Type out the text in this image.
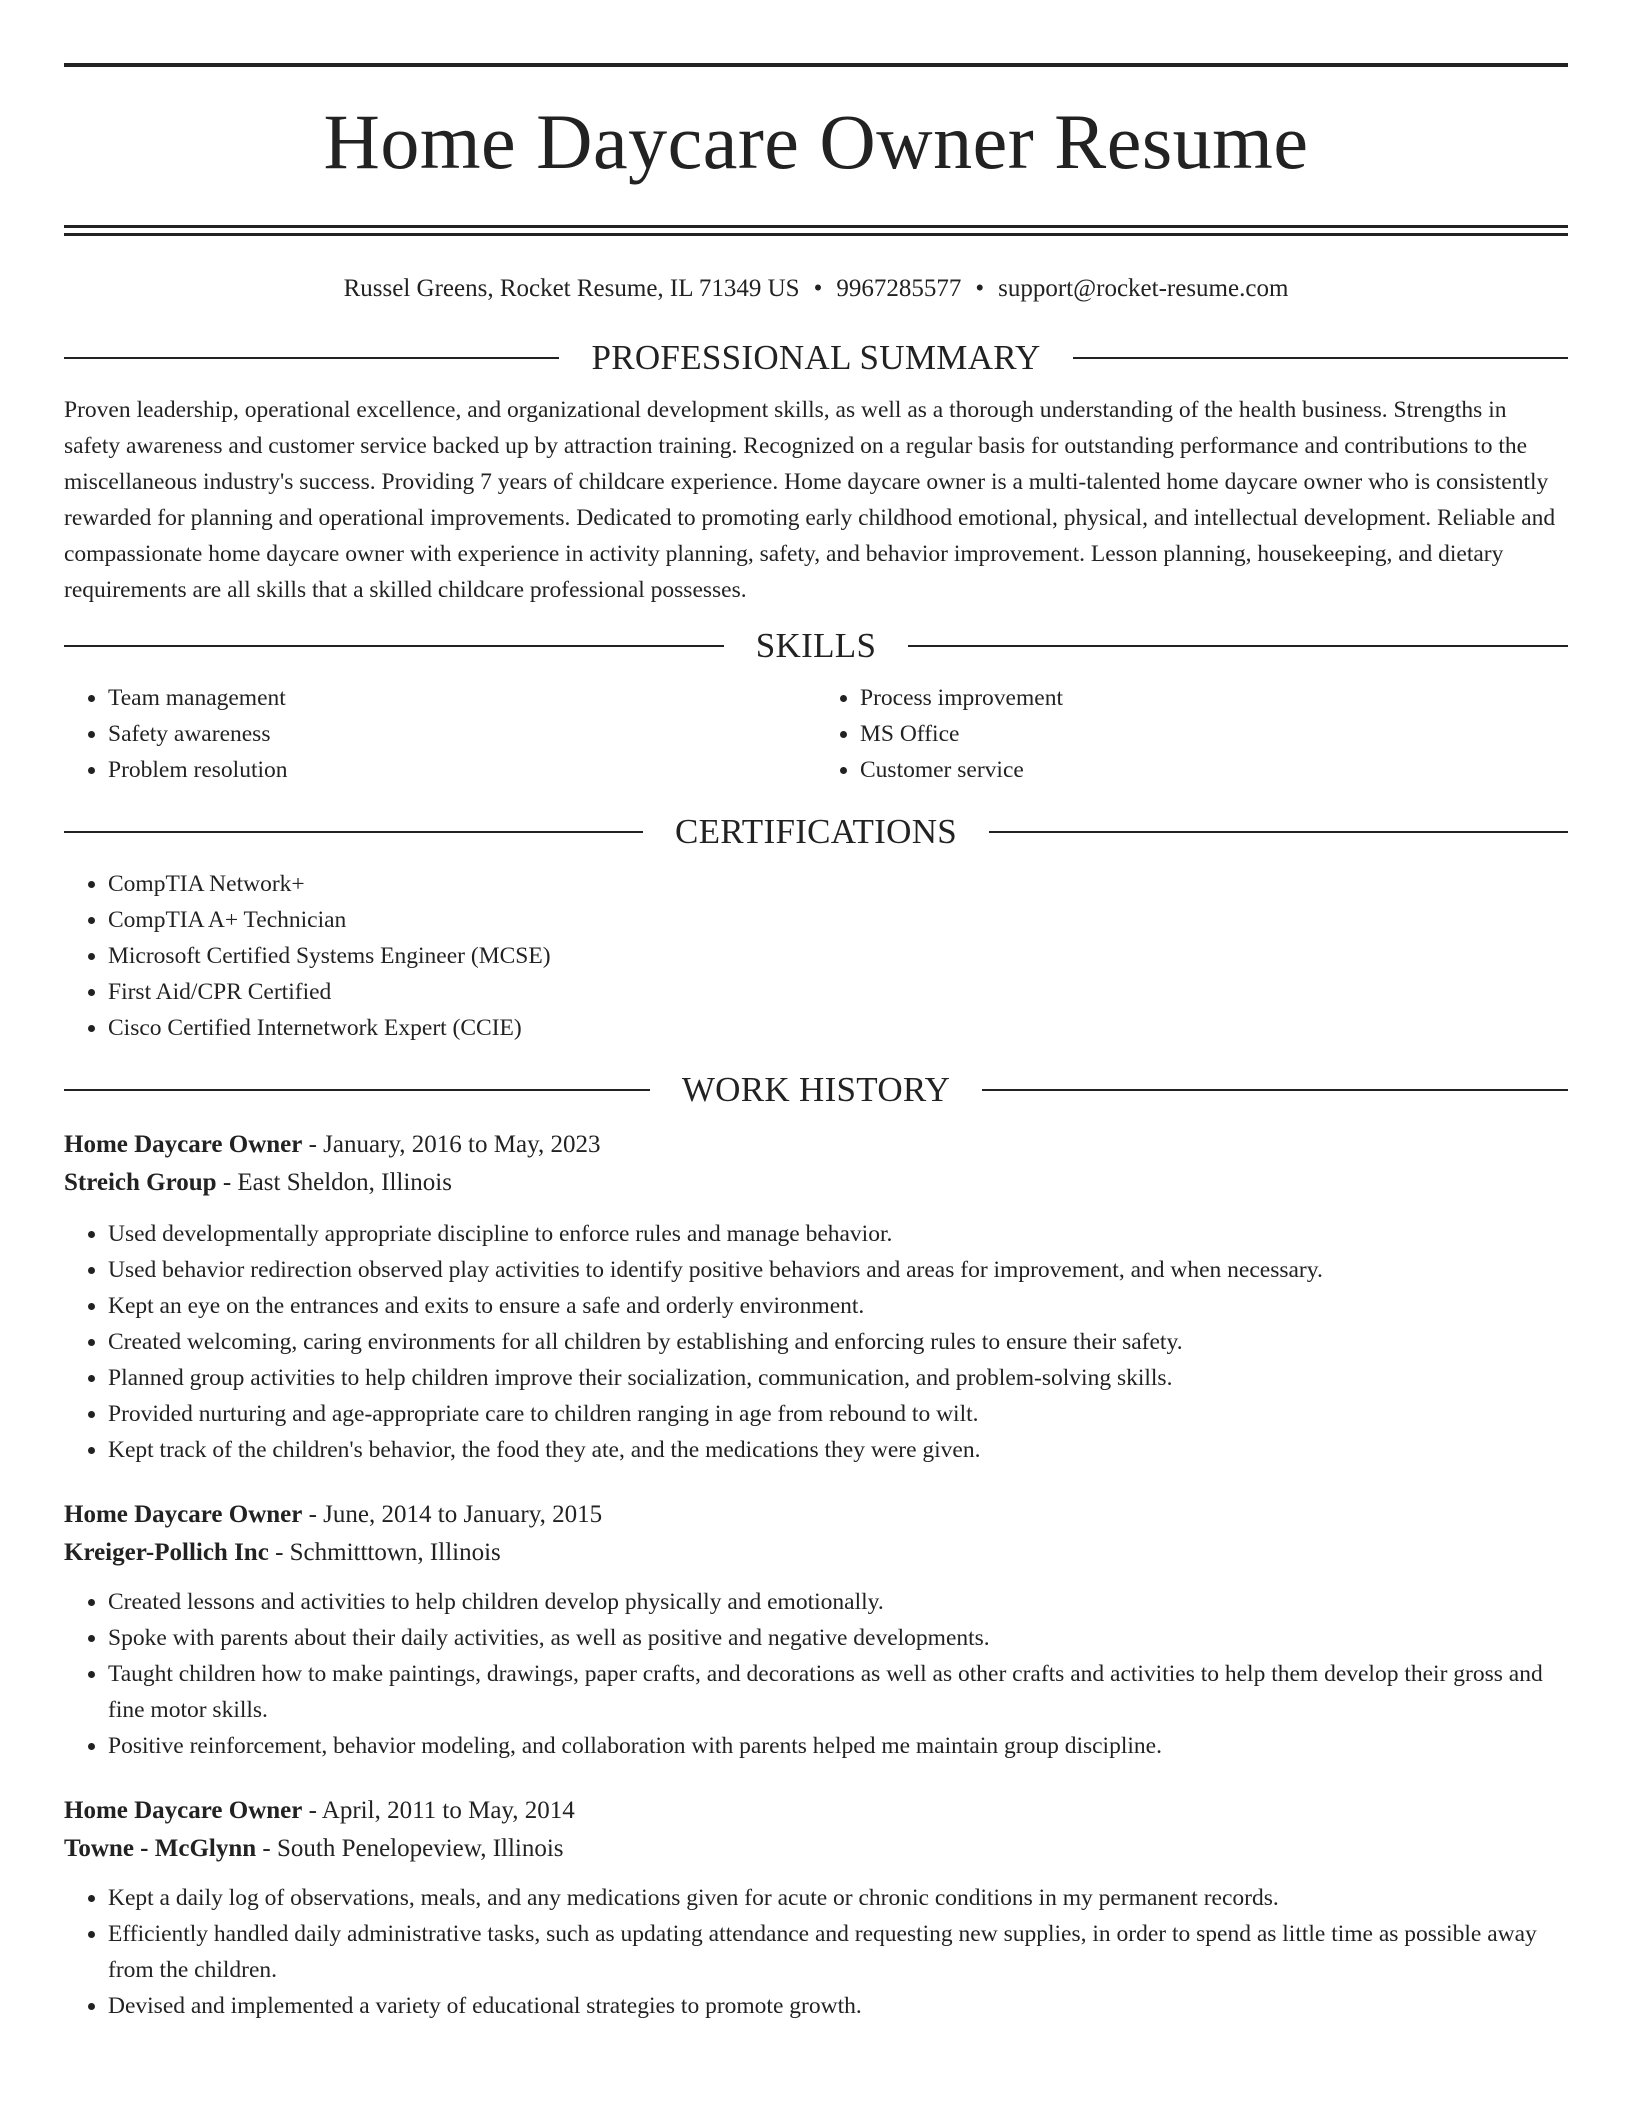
Home Daycare Owner Resume
Russel Greens, Rocket Resume, IL 71349 US • 9967285577 • support@rocket-resume.com
PROFESSIONAL SUMMARY
Proven leadership, operational excellence, and organizational development skills, as well as a thorough understanding of the health business. Strengths in safety awareness and customer service backed up by attraction training. Recognized on a regular basis for outstanding performance and contributions to the miscellaneous industry's success. Providing 7 years of childcare experience. Home daycare owner is a multi-talented home daycare owner who is consistently rewarded for planning and operational improvements. Dedicated to promoting early childhood emotional, physical, and intellectual development. Reliable and compassionate home daycare owner with experience in activity planning, safety, and behavior improvement. Lesson planning, housekeeping, and dietary requirements are all skills that a skilled childcare professional possesses.
SKILLS
• Team management
• Safety awareness
• Problem resolution
• Process improvement
• MS Office
• Customer service
CERTIFICATIONS
• CompTIA Network+
• CompTIA A+ Technician
• Microsoft Certified Systems Engineer (MCSE)
• First Aid/CPR Certified
• Cisco Certified Internetwork Expert (CCIE)
WORK HISTORY
Home Daycare Owner - January, 2016 to May, 2023
Streich Group - East Sheldon, Illinois
• Used developmentally appropriate discipline to enforce rules and manage behavior.
• Used behavior redirection observed play activities to identify positive behaviors and areas for improvement, and when necessary.
• Kept an eye on the entrances and exits to ensure a safe and orderly environment.
• Created welcoming, caring environments for all children by establishing and enforcing rules to ensure their safety.
• Planned group activities to help children improve their socialization, communication, and problem-solving skills.
• Provided nurturing and age-appropriate care to children ranging in age from rebound to wilt.
• Kept track of the children's behavior, the food they ate, and the medications they were given.
Home Daycare Owner - June, 2014 to January, 2015
Kreiger-Pollich Inc - Schmitttown, Illinois
• Created lessons and activities to help children develop physically and emotionally.
• Spoke with parents about their daily activities, as well as positive and negative developments.
• Taught children how to make paintings, drawings, paper crafts, and decorations as well as other crafts and activities to help them develop their gross and fine motor skills.
• Positive reinforcement, behavior modeling, and collaboration with parents helped me maintain group discipline.
Home Daycare Owner - April, 2011 to May, 2014
Towne - McGlynn - South Penelopeview, Illinois
• Kept a daily log of observations, meals, and any medications given for acute or chronic conditions in my permanent records.
• Efficiently handled daily administrative tasks, such as updating attendance and requesting new supplies, in order to spend as little time as possible away from the children.
• Devised and implemented a variety of educational strategies to promote growth.
